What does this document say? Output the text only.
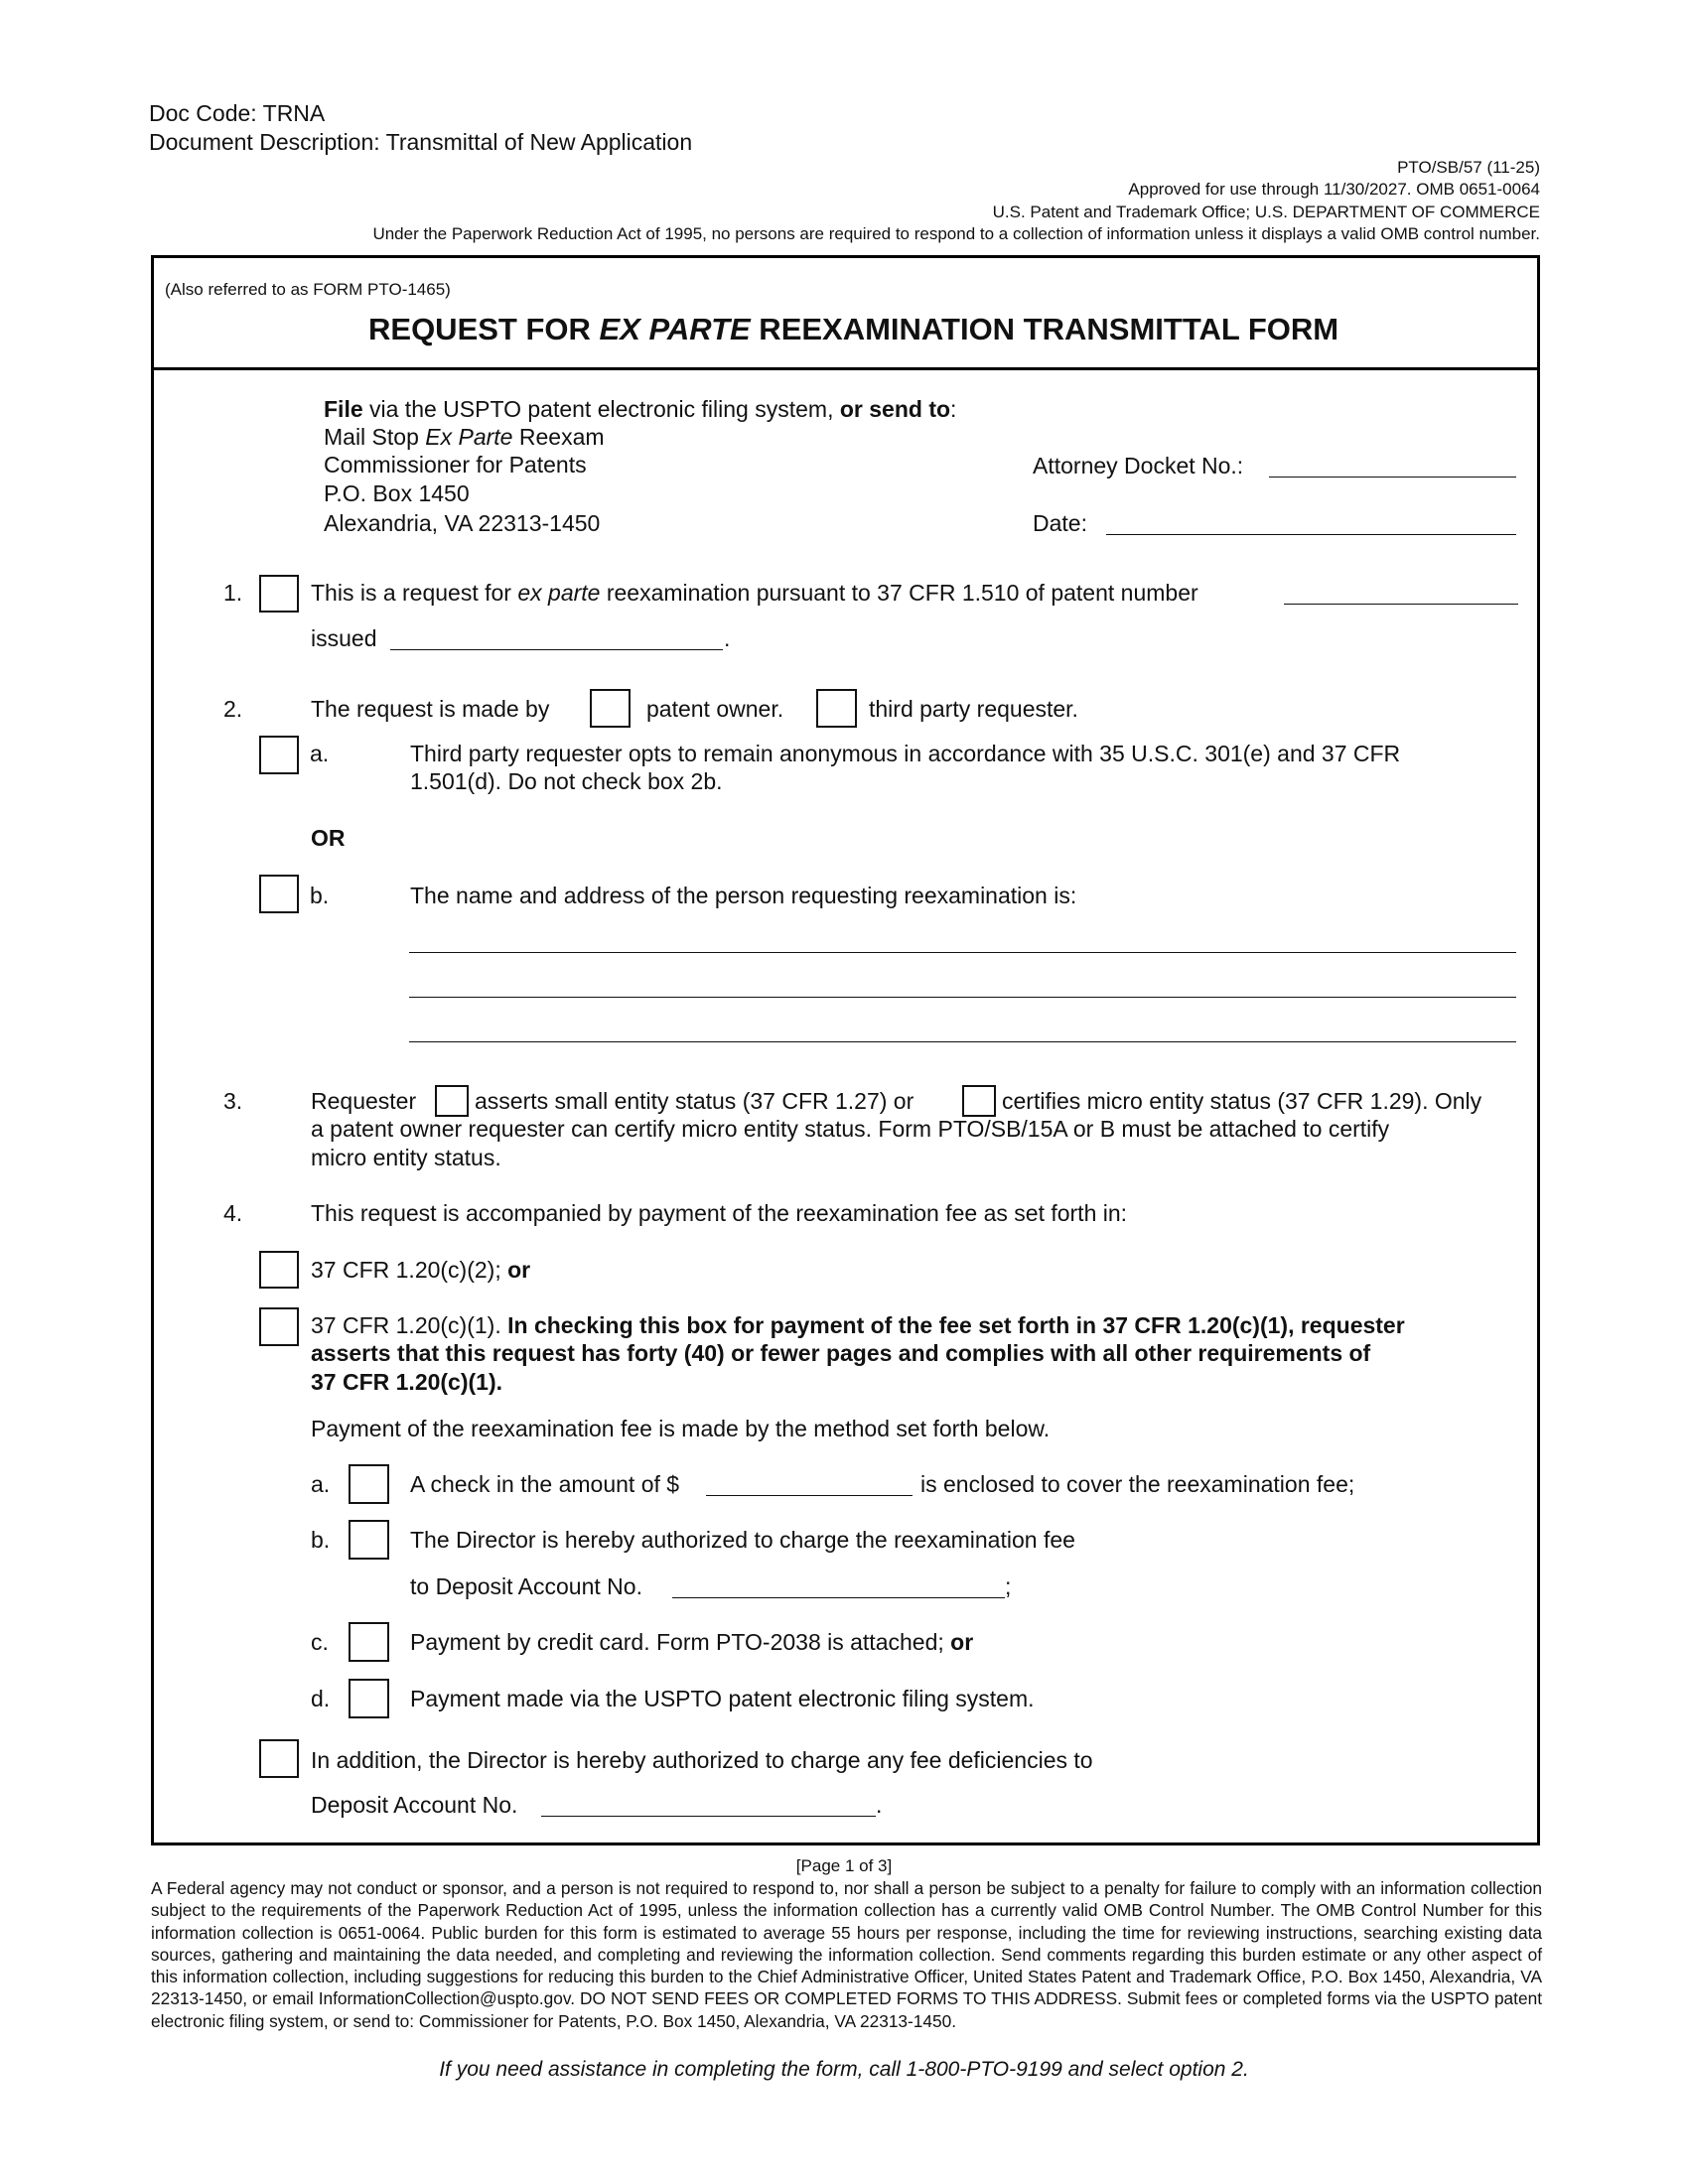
Doc Code: TRNA
Document Description: Transmittal of New Application
PTO/SB/57 (11-25)
Approved for use through 11/30/2027. OMB 0651-0064
U.S. Patent and Trademark Office; U.S. DEPARTMENT OF COMMERCE
Under the Paperwork Reduction Act of 1995, no persons are required to respond to a collection of information unless it displays a valid OMB control number.
(Also referred to as FORM PTO-1465)
REQUEST FOR EX PARTE REEXAMINATION TRANSMITTAL FORM
File via the USPTO patent electronic filing system, or send to:
Mail Stop Ex Parte Reexam
Commissioner for Patents
P.O. Box 1450
Alexandria, VA 22313-1450
Attorney Docket No.:
Date:
1.	This is a request for ex parte reexamination pursuant to 37 CFR 1.510 of patent number
issued	.
2.	The request is made by	patent owner.	third party requester.
a.	Third party requester opts to remain anonymous in accordance with 35 U.S.C. 301(e) and 37 CFR
1.501(d). Do not check box 2b.
OR
b.	The name and address of the person requesting reexamination is:
3.	Requester	asserts small entity status (37 CFR 1.27) or	certifies micro entity status (37 CFR 1.29). Only
a patent owner requester can certify micro entity status. Form PTO/SB/15A or B must be attached to certify
micro entity status.
4.	This request is accompanied by payment of the reexamination fee as set forth in:
37 CFR 1.20(c)(2); or
37 CFR 1.20(c)(1). In checking this box for payment of the fee set forth in 37 CFR 1.20(c)(1), requester
asserts that this request has forty (40) or fewer pages and complies with all other requirements of
37 CFR 1.20(c)(1).
Payment of the reexamination fee is made by the method set forth below.
a.	A check in the amount of $	is enclosed to cover the reexamination fee;
b.	The Director is hereby authorized to charge the reexamination fee
to Deposit Account No.	;
c.	Payment by credit card. Form PTO-2038 is attached; or
d.	Payment made via the USPTO patent electronic filing system.
In addition, the Director is hereby authorized to charge any fee deficiencies to
Deposit Account No.	.
[Page 1 of 3]
A Federal agency may not conduct or sponsor, and a person is not required to respond to, nor shall a person be subject to a penalty for failure to comply with an information collection subject to the requirements of the Paperwork Reduction Act of 1995, unless the information collection has a currently valid OMB Control Number. The OMB Control Number for this information collection is 0651-0064. Public burden for this form is estimated to average 55 hours per response, including the time for reviewing instructions, searching existing data sources, gathering and maintaining the data needed, and completing and reviewing the information collection. Send comments regarding this burden estimate or any other aspect of this information collection, including suggestions for reducing this burden to the Chief Administrative Officer, United States Patent and Trademark Office, P.O. Box 1450, Alexandria, VA 22313-1450, or email InformationCollection@uspto.gov. DO NOT SEND FEES OR COMPLETED FORMS TO THIS ADDRESS. Submit fees or completed forms via the USPTO patent electronic filing system, or send to: Commissioner for Patents, P.O. Box 1450, Alexandria, VA 22313-1450.
If you need assistance in completing the form, call 1-800-PTO-9199 and select option 2.
